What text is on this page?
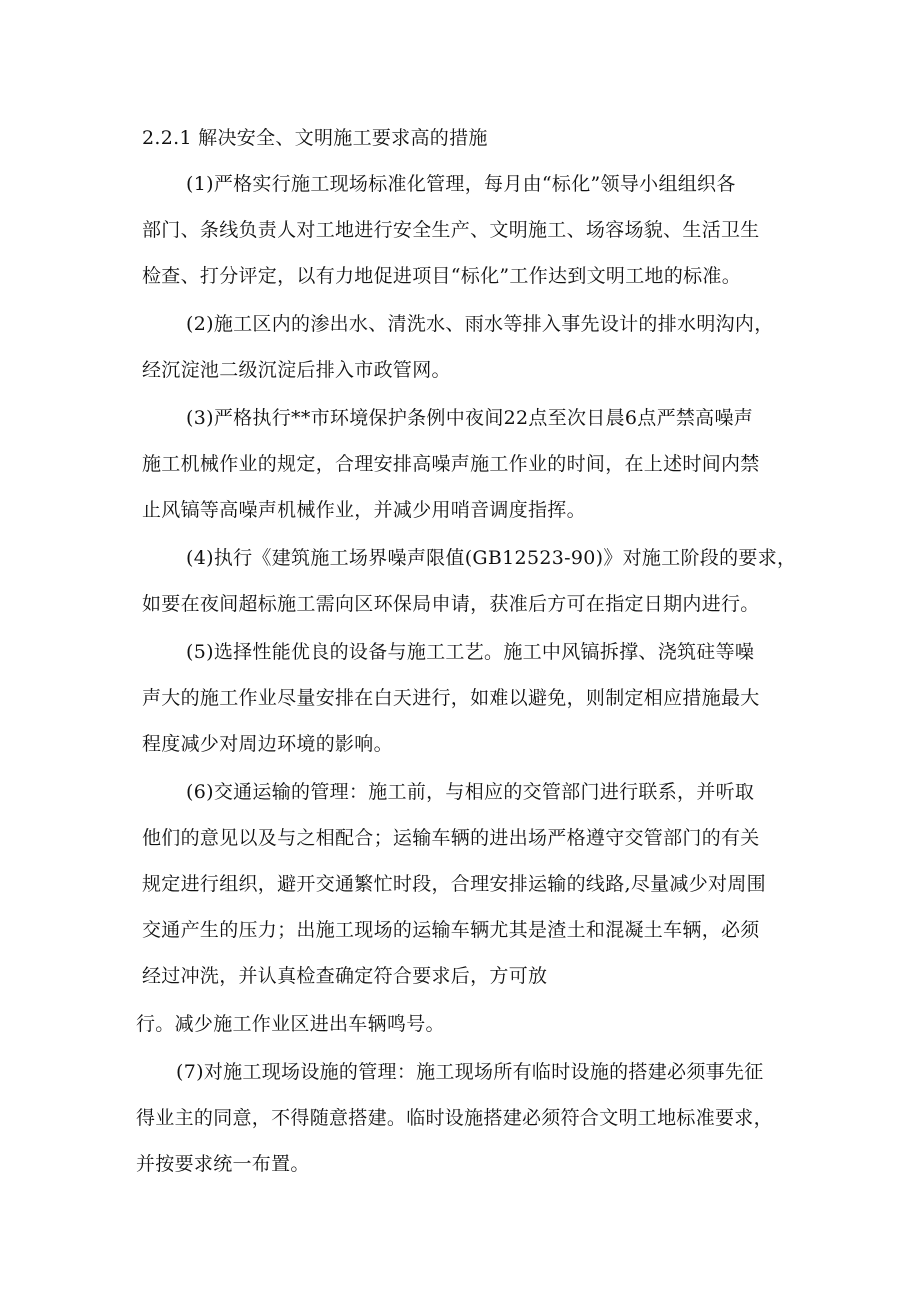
2.2.1 解决安全、文明施工要求高的措施
(1)严格实行施工现场标准化管理，每月由“标化”领导小组组织各
部门、条线负责人对工地进行安全生产、文明施工、场容场貌、生活卫生
检查、打分评定，以有力地促进项目“标化”工作达到文明工地的标准。
(2)施工区内的渗出水、清洗水、雨水等排入事先设计的排水明沟内，
经沉淀池二级沉淀后排入市政管网。
(3)严格执行**市环境保护条例中夜间22点至次日晨6点严禁高噪声
施工机械作业的规定，合理安排高噪声施工作业的时间，在上述时间内禁
止风镐等高噪声机械作业，并减少用哨音调度指挥。
(4)执行《建筑施工场界噪声限值(GB12523-90)》对施工阶段的要求，
如要在夜间超标施工需向区环保局申请，获准后方可在指定日期内进行。
(5)选择性能优良的设备与施工工艺。施工中风镐拆撑、浇筑砫等噪
声大的施工作业尽量安排在白天进行，如难以避免，则制定相应措施最大
程度减少对周边环境的影响。
(6)交通运输的管理：施工前，与相应的交管部门进行联系，并听取
他们的意见以及与之相配合；运输车辆的进出场严格遵守交管部门的有关
规定进行组织，避开交通繁忙时段，合理安排运输的线路,尽量减少对周围
交通产生的压力；出施工现场的运输车辆尤其是渣土和混凝土车辆，必须
经过冲洗，并认真检查确定符合要求后，方可放
行。减少施工作业区进出车辆鸣号。
(7)对施工现场设施的管理：施工现场所有临时设施的搭建必须事先征
得业主的同意，不得随意搭建。临时设施搭建必须符合文明工地标准要求，
并按要求统一布置。
